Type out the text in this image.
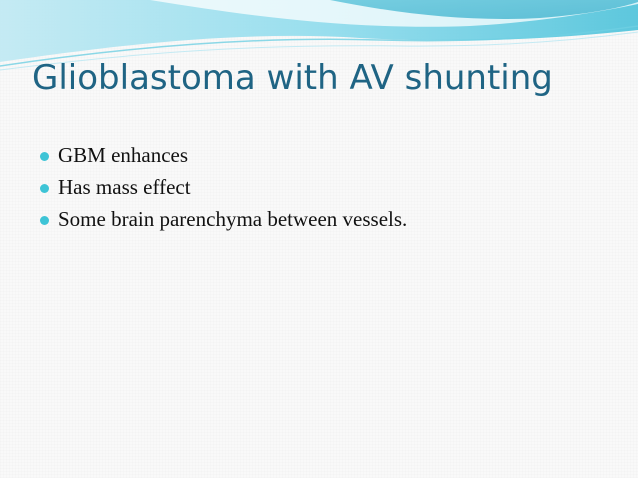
Glioblastoma with AV shunting
GBM enhances
Has mass effect
Some brain parenchyma between vessels.
